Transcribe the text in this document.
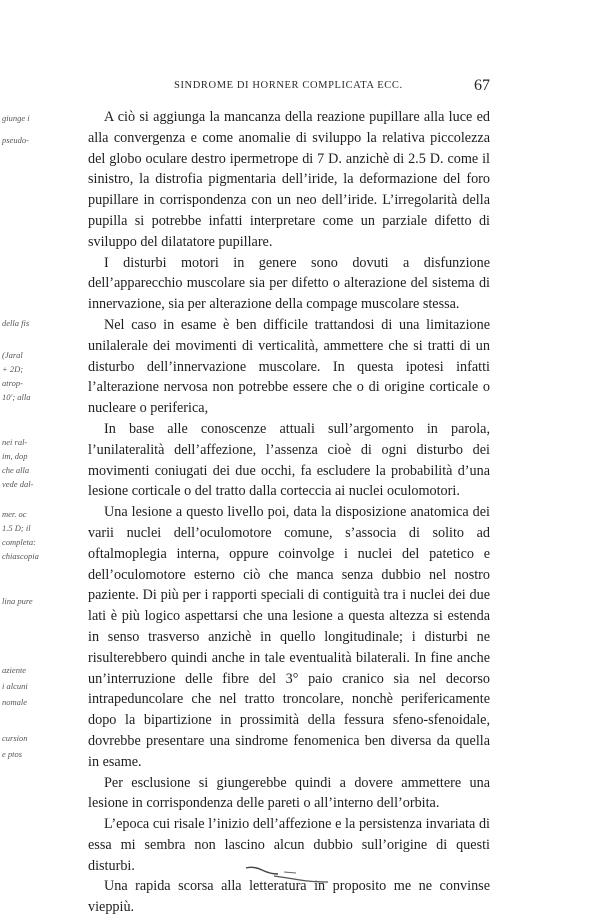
SINDROME DI HORNER COMPLICATA ECC.	67
giunge i
pseudo-
della fis
(Jaral
+ 2D;
atrop-
10'; alla
nei ral-
im, dop
che alla
vede dal-
mer. oc
1.5 D; il
completa:
chiascopia
lina pure
aziente
i alcuni
nomale
cursion
e ptos

A ciò si aggiunga la mancanza della reazione pupillare alla luce ed alla convergenza e come anomalie di sviluppo la relativa piccolezza del globo oculare destro ipermetrope di 7 D. anzichè di 2.5 D. come il sinistro, la distrofia pigmentaria dell’iride, la deformazione del foro pupillare in corrispondenza con un neo dell’iride. L’irregolarità della pupilla si potrebbe infatti interpretare come un parziale difetto di sviluppo del dilatatore pupillare.

I disturbi motori in genere sono dovuti a disfunzione dell’apparecchio muscolare sia per difetto o alterazione del sistema di innervazione, sia per alterazione della compage muscolare stessa.

Nel caso in esame è ben difficile trattandosi di una limitazione unilalerale dei movimenti di verticalità, ammettere che si tratti di un disturbo dell’innervazione muscolare. In questa ipotesi infatti l’alterazione nervosa non potrebbe essere che o di origine corticale o nucleare o periferica,

In base alle conoscenze attuali sull’argomento in parola, l’unilateralità dell’affezione, l’assenza cioè di ogni disturbo dei movimenti coniugati dei due occhi, fa escludere la probabilità d’una lesione corticale o del tratto dalla corteccia ai nuclei oculomotori.

Una lesione a questo livello poi, data la disposizione anatomica dei varii nuclei dell’oculomotore comune, s’associa di solito ad oftalmoplegia interna, oppure coinvolge i nuclei del patetico e dell’oculomotore esterno ciò che manca senza dubbio nel nostro paziente. Di più per i rapporti speciali di contiguità tra i nuclei dei due lati è più logico aspettarsi che una lesione a questa altezza si estenda in senso trasverso anzichè in quello longitudinale; i disturbi ne risulterebbero quindi anche in tale eventualità bilaterali. In fine anche un’interruzione delle fibre del 3° paio cranico sia nel decorso intrapeduncolare che nel tratto troncolare, nonchè perifericamente dopo la bipartizione in prossimità della fessura sfeno-sfenoidale, dovrebbe presentare una sindrome fenomenica ben diversa da quella in esame.

Per esclusione si giungerebbe quindi a dovere ammettere una lesione in corrispondenza delle pareti o all’interno dell’orbita.

L’epoca cui risale l’inizio dell’affezione e la persistenza invariata di essa mi sembra non lascino alcun dubbio sull’origine di questi disturbi.

Una rapida scorsa alla letteratura in proposito me ne convinse vieppiù.
